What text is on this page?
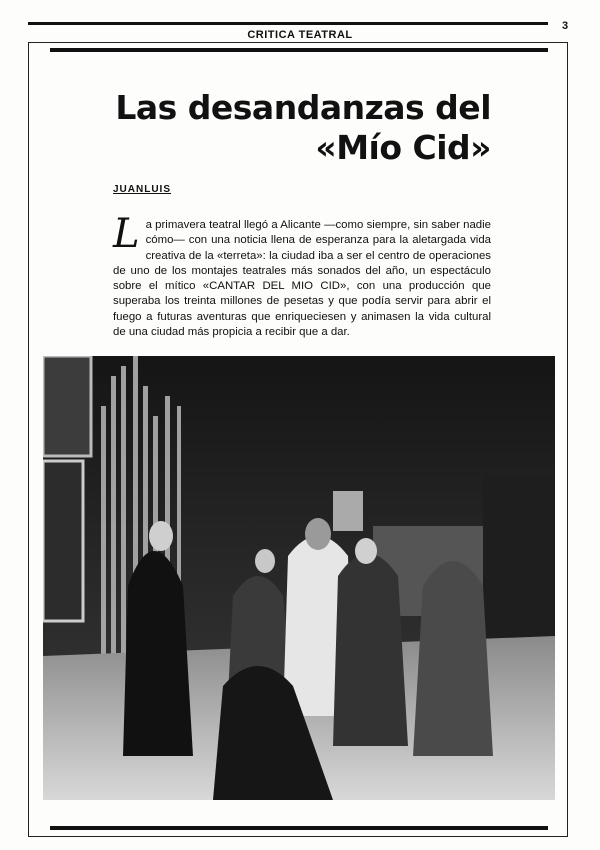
CRITICA TEATRAL
3
Las desandanzas del
«Mío Cid»
JUANLUIS
La primavera teatral llegó a Alicante —como siempre, sin saber nadie cómo— con una noticia llena de esperanza para la aletargada vida creativa de la «terreta»: la ciudad iba a ser el centro de operaciones de uno de los montajes teatrales más sonados del año, un espectáculo sobre el mítico «CANTAR DEL MIO CID», con una producción que superaba los treinta millones de pesetas y que podía servir para abrir el fuego a futuras aventuras que enriqueciesen y animasen la vida cultural de una ciudad más propicia a recibir que a dar.
